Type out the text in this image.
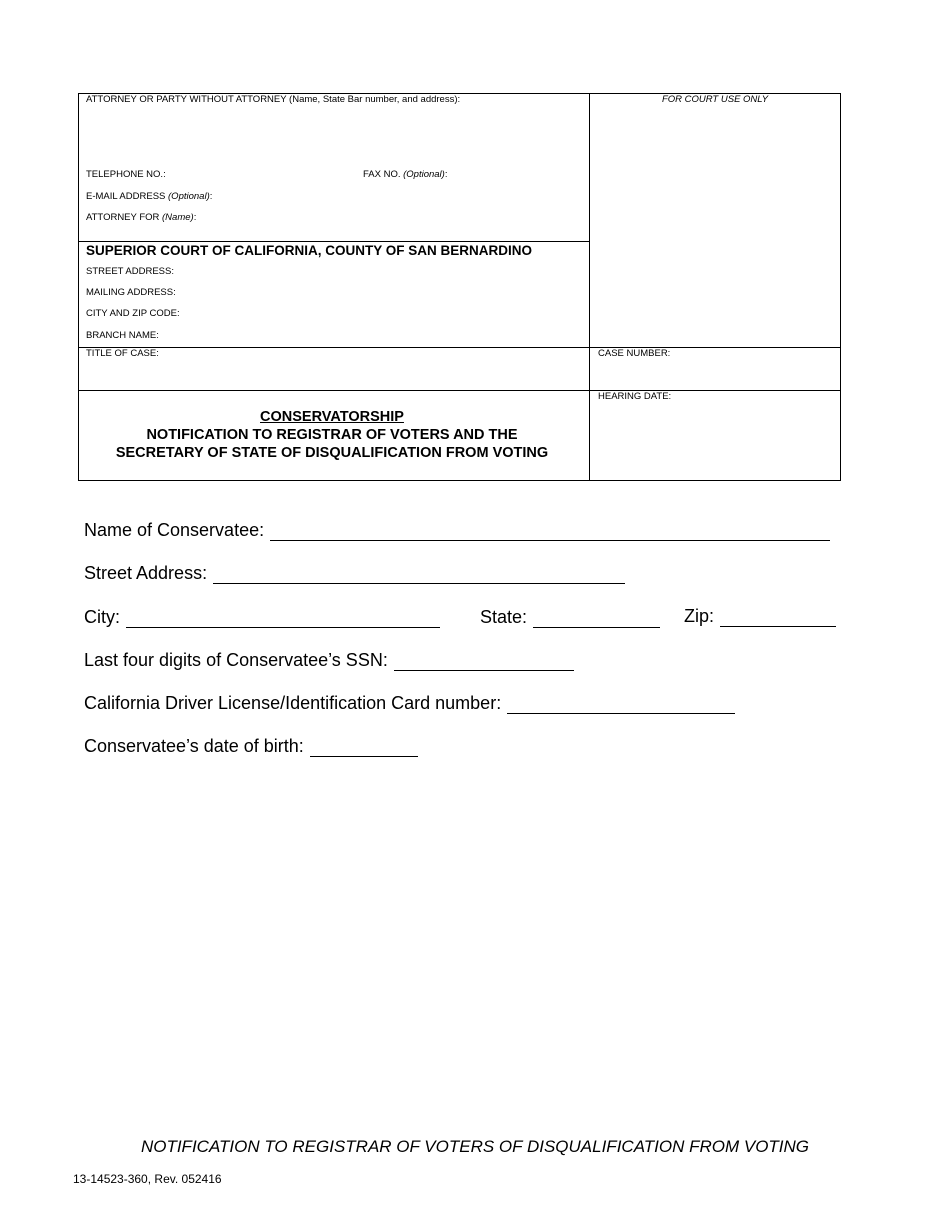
ATTORNEY OR PARTY WITHOUT ATTORNEY (Name, State Bar number, and address):	FOR COURT USE ONLY
TELEPHONE NO.:	FAX NO. (Optional):
E-MAIL ADDRESS (Optional):
ATTORNEY FOR (Name):
SUPERIOR COURT OF CALIFORNIA, COUNTY OF SAN BERNARDINO
STREET ADDRESS:
MAILING ADDRESS:
CITY AND ZIP CODE:
BRANCH NAME:
TITLE OF CASE:	CASE NUMBER:
HEARING DATE:
CONSERVATORSHIP
NOTIFICATION TO REGISTRAR OF VOTERS AND THE
SECRETARY OF STATE OF DISQUALIFICATION FROM VOTING
Name of Conservatee:
Street Address:
City:	State:	Zip:
Last four digits of Conservatee’s SSN:
California Driver License/Identification Card number:
Conservatee’s date of birth:
NOTIFICATION TO REGISTRAR OF VOTERS OF DISQUALIFICATION FROM VOTING
13-14523-360, Rev. 052416
